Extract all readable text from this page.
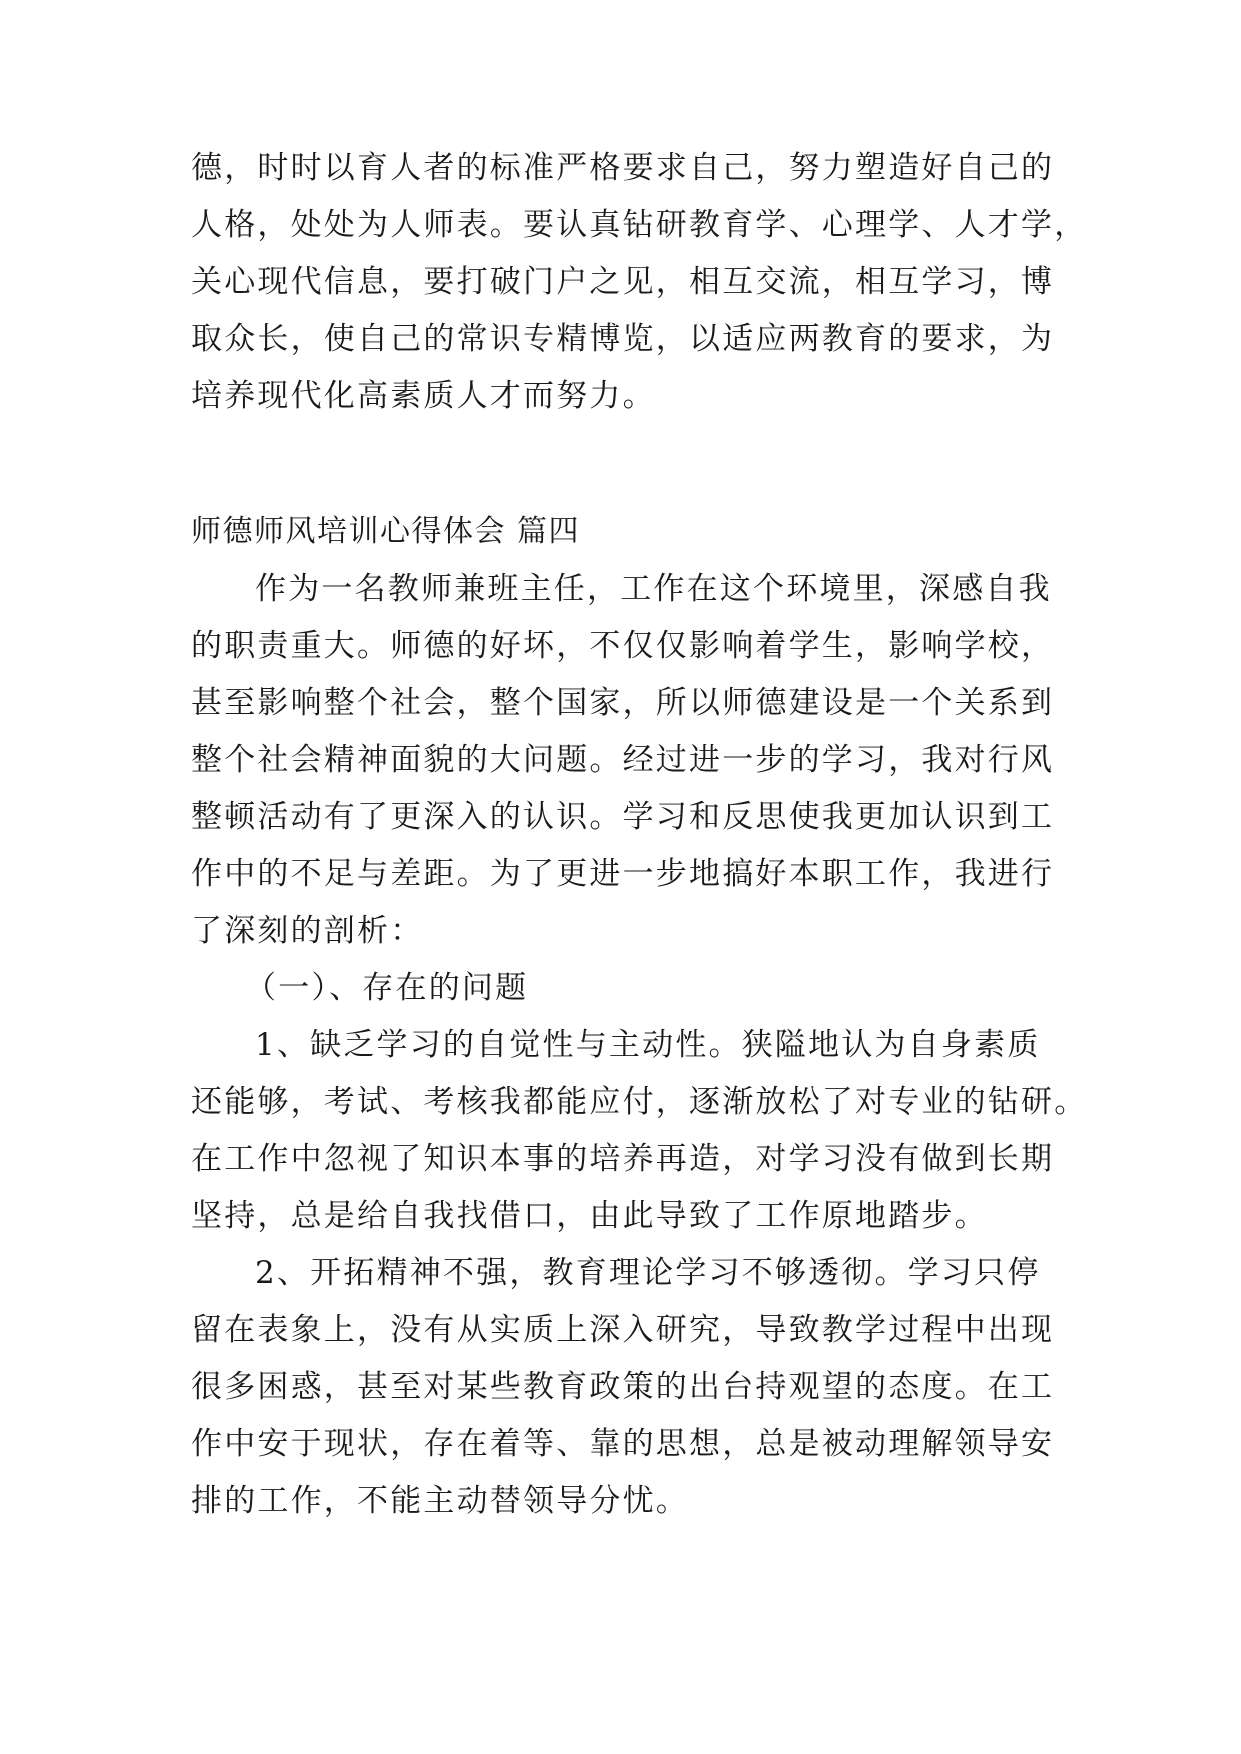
德，时时以育人者的标准严格要求自己，努力塑造好自己的
人格，处处为人师表。要认真钻研教育学、心理学、人才学，
关心现代信息，要打破门户之见，相互交流，相互学习，博
取众长，使自己的常识专精博览，以适应两教育的要求，为
培养现代化高素质人才而努力。
师德师风培训心得体会 篇四
作为一名教师兼班主任，工作在这个环境里，深感自我
的职责重大。师德的好坏，不仅仅影响着学生，影响学校，
甚至影响整个社会，整个国家，所以师德建设是一个关系到
整个社会精神面貌的大问题。经过进一步的学习，我对行风
整顿活动有了更深入的认识。学习和反思使我更加认识到工
作中的不足与差距。为了更进一步地搞好本职工作，我进行
了深刻的剖析：
（一）、存在的问题
1、缺乏学习的自觉性与主动性。狭隘地认为自身素质
还能够，考试、考核我都能应付，逐渐放松了对专业的钻研。
在工作中忽视了知识本事的培养再造，对学习没有做到长期
坚持，总是给自我找借口，由此导致了工作原地踏步。
2、开拓精神不强，教育理论学习不够透彻。学习只停
留在表象上，没有从实质上深入研究，导致教学过程中出现
很多困惑，甚至对某些教育政策的出台持观望的态度。在工
作中安于现状，存在着等、靠的思想，总是被动理解领导安
排的工作，不能主动替领导分忧。
